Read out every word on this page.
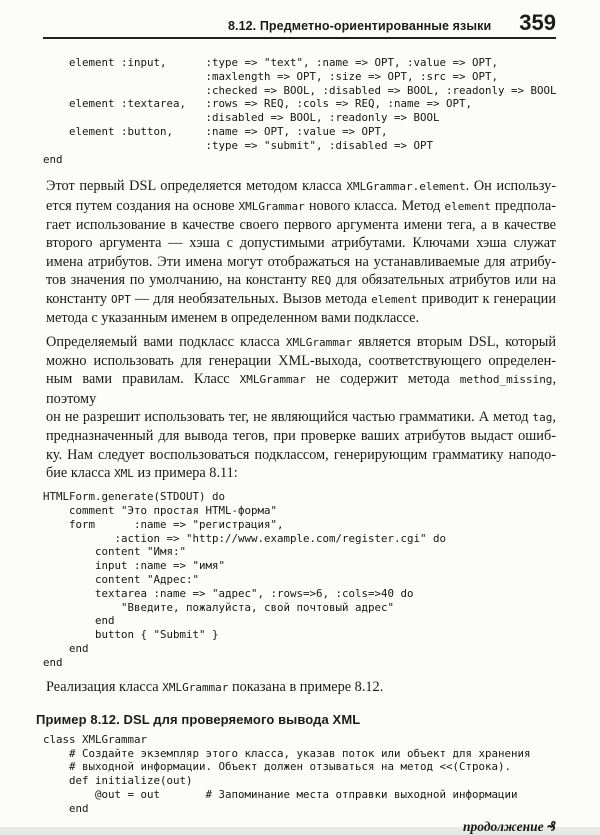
8.12. Предметно-ориентированные языки 359
element :input,      :type => "text", :name => OPT, :value => OPT,
:maxlength => OPT, :size => OPT, :src => OPT,
:checked => BOOL, :disabled => BOOL, :readonly => BOOL
element :textarea,   :rows => REQ, :cols => REQ, :name => OPT,
:disabled => BOOL, :readonly => BOOL
element :button,     :name => OPT, :value => OPT,
:type => "submit", :disabled => OPT
end
Этот первый DSL определяется методом класса XMLGrammar.element. Он использу-
ется путем создания на основе XMLGrammar нового класса. Метод element предпола-
гает использование в качестве своего первого аргумента имени тега, а в качестве
второго аргумента — хэша с допустимыми атрибутами. Ключами хэша служат
имена атрибутов. Эти имена могут отображаться на устанавливаемые для атрибу-
тов значения по умолчанию, на константу REQ для обязательных атрибутов или на
константу OPT — для необязательных. Вызов метода element приводит к генерации
метода с указанным именем в определенном вами подклассе.
Определяемый вами подкласс класса XMLGrammar является вторым DSL, который
можно использовать для генерации XML-выхода, соответствующего определен-
ным вами правилам. Класс XMLGrammar не содержит метода method_missing, поэтому
он не разрешит использовать тег, не являющийся частью грамматики. А метод tag,
предназначенный для вывода тегов, при проверке ваших атрибутов выдаст ошиб-
ку. Нам следует воспользоваться подклассом, генерирующим грамматику наподо-
бие класса XML из примера 8.11:
HTMLForm.generate(STDOUT) do
comment "Это простая HTML-форма"
form      :name => "регистрация",
:action => "http://www.example.com/register.cgi" do
content "Имя:"
input :name => "имя"
content "Адрес:"
textarea :name => "адрес", :rows=>6, :cols=>40 do
"Введите, пожалуйста, свой почтовый адрес"
end
button { "Submit" }
end
end
Реализация класса XMLGrammar показана в примере 8.12.
Пример 8.12. DSL для проверяемого вывода XML
class XMLGrammar
# Создайте экземпляр этого класса, указав поток или объект для хранения
# выходной информации. Объект должен отзываться на метод <<(Строка).
def initialize(out)
@out = out       # Запоминание места отправки выходной информации
end
продолжение ₰
